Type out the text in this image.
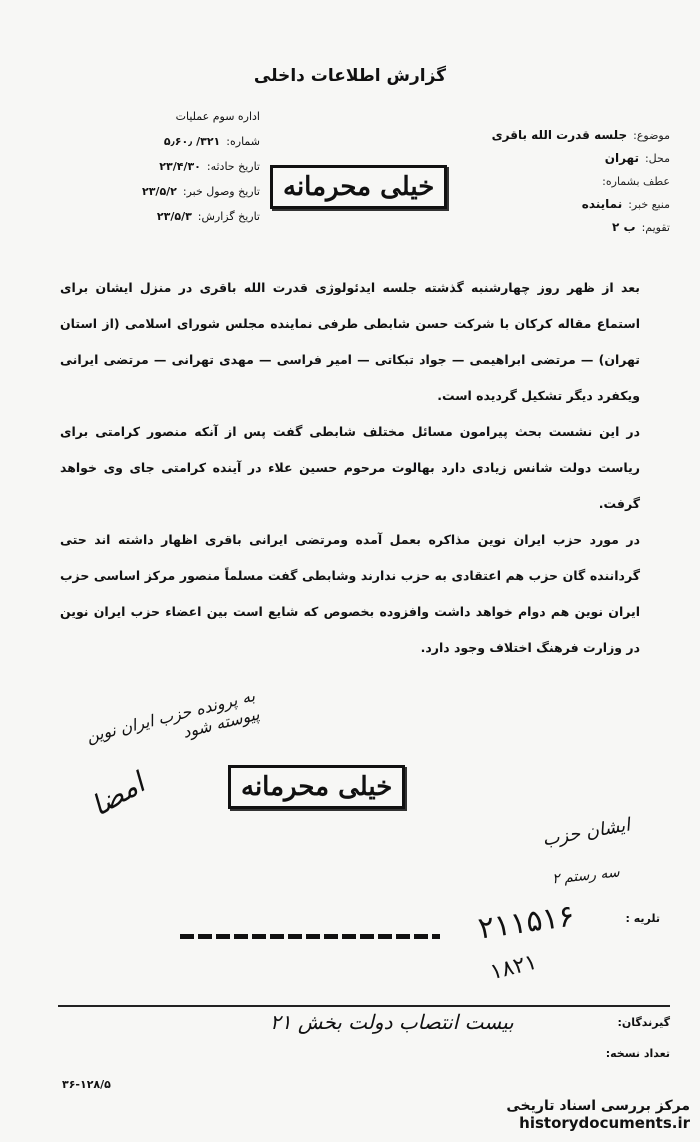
گزارش اطلاعات داخلی
موضوع:جلسه قدرت الله باقری
محل:تهران
عطف بشماره:
منبع خبر:نماینده
تقویم:ب ۲
اداره سوم عملیات
شماره:۳۲۱/ ۵٫۶۰٫
تاریخ حادثه:۲۳/۴/۳۰
تاریخ وصول خبر:۲۳/۵/۲
تاریخ گزارش:۲۳/۵/۳
خیلی محرمانه

بعد از ظهر روز چهارشنبه گذشته جلسه ایدئولوژی قدرت الله باقری در منزل ایشان برای استماع مقاله کرکان با شرکت حسن شابطی طرفی نماینده مجلس شورای اسلامی (از استان تهران) — مرتضی ابراهیمی — جواد تبکاتی — امیر فراسی — مهدی تهرانی — مرتضی ایرانی ویکفرد دیگر تشکیل گردیده است.

در این نشست بحث پیرامون مسائل مختلف شابطی گفت پس از آنکه منصور کرامتی برای ریاست دولت شانس زیادی دارد بهالوت مرحوم حسین علاء در آینده کرامتی جای وی خواهد گرفت.

در مورد حزب ایران نوین مذاکره بعمل آمده ومرتضی ایرانی باقری اظهار داشته اند حتی گرداننده گان حزب هم اعتقادی به حزب ندارند وشابطی گفت مسلماً منصور مرکز اساسی حزب ایران نوین هم دوام خواهد داشت وافزوده بخصوص که شایع است بین اعضاء حزب ایران نوین در وزارت فرهنگ اختلاف وجود دارد.

به پرونده حزب ایران نوین پیوسته شود
امضا	خیلی محرمانه
ایشان حزب
سه رستم ۲
تلریه :
۲۱۱۵۱۶
۱۸۲۱
گیرندگان:
تعداد نسخه:
بیست انتصاب دولت بخش ۲۱
۳۶-۱۲۸/۵
مرکز بررسی اسناد تاریخی
historydocuments.ir
